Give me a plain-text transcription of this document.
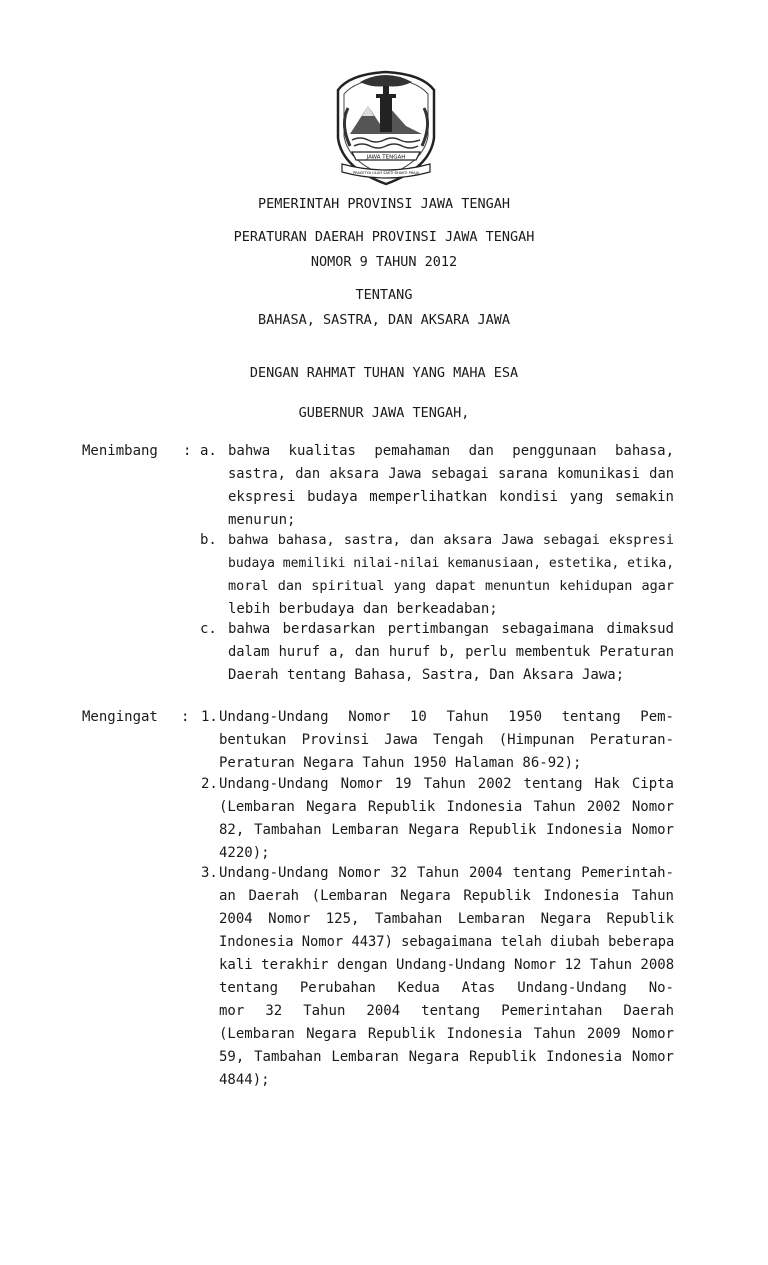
JAWA TENGAH
PRASETYA ULAH SAKTI BHAKTI PRAJA
PEMERINTAH PROVINSI JAWA TENGAH
PERATURAN DAERAH PROVINSI JAWA TENGAH
NOMOR 9 TAHUN 2012
TENTANG
BAHASA, SASTRA, DAN AKSARA JAWA
DENGAN RAHMAT TUHAN YANG MAHA ESA
GUBERNUR JAWA TENGAH,
Menimbang : a. bahwa kualitas pemahaman dan penggunaan bahasa,
sastra, dan aksara Jawa sebagai sarana komunikasi dan
ekspresi budaya memperlihatkan kondisi yang semakin
menurun;
b. bahwa bahasa, sastra, dan aksara Jawa sebagai ekspresi
budaya memiliki nilai-nilai kemanusiaan, estetika, etika,
moral dan spiritual yang dapat menuntun kehidupan agar
lebih berbudaya dan berkeadaban;
c. bahwa berdasarkan pertimbangan sebagaimana dimaksud
dalam huruf a, dan huruf b, perlu membentuk Peraturan
Daerah tentang Bahasa, Sastra, Dan Aksara Jawa;
Mengingat : 1. Undang-Undang Nomor 10 Tahun 1950 tentang Pem-
bentukan Provinsi Jawa Tengah (Himpunan Peraturan-
Peraturan Negara Tahun 1950 Halaman 86-92);
2. Undang-Undang Nomor 19 Tahun 2002 tentang Hak Cipta
(Lembaran Negara Republik Indonesia Tahun 2002 Nomor
82, Tambahan Lembaran Negara Republik Indonesia Nomor
4220);
3. Undang-Undang Nomor 32 Tahun 2004 tentang Pemerintah-
an Daerah (Lembaran Negara Republik Indonesia Tahun
2004 Nomor 125, Tambahan Lembaran Negara Republik
Indonesia Nomor 4437) sebagaimana telah diubah beberapa
kali terakhir dengan Undang-Undang Nomor 12 Tahun 2008
tentang Perubahan Kedua Atas Undang-Undang No-
mor 32 Tahun 2004 tentang Pemerintahan Daerah
(Lembaran Negara Republik Indonesia Tahun 2009 Nomor
59, Tambahan Lembaran Negara Republik Indonesia Nomor
4844);
